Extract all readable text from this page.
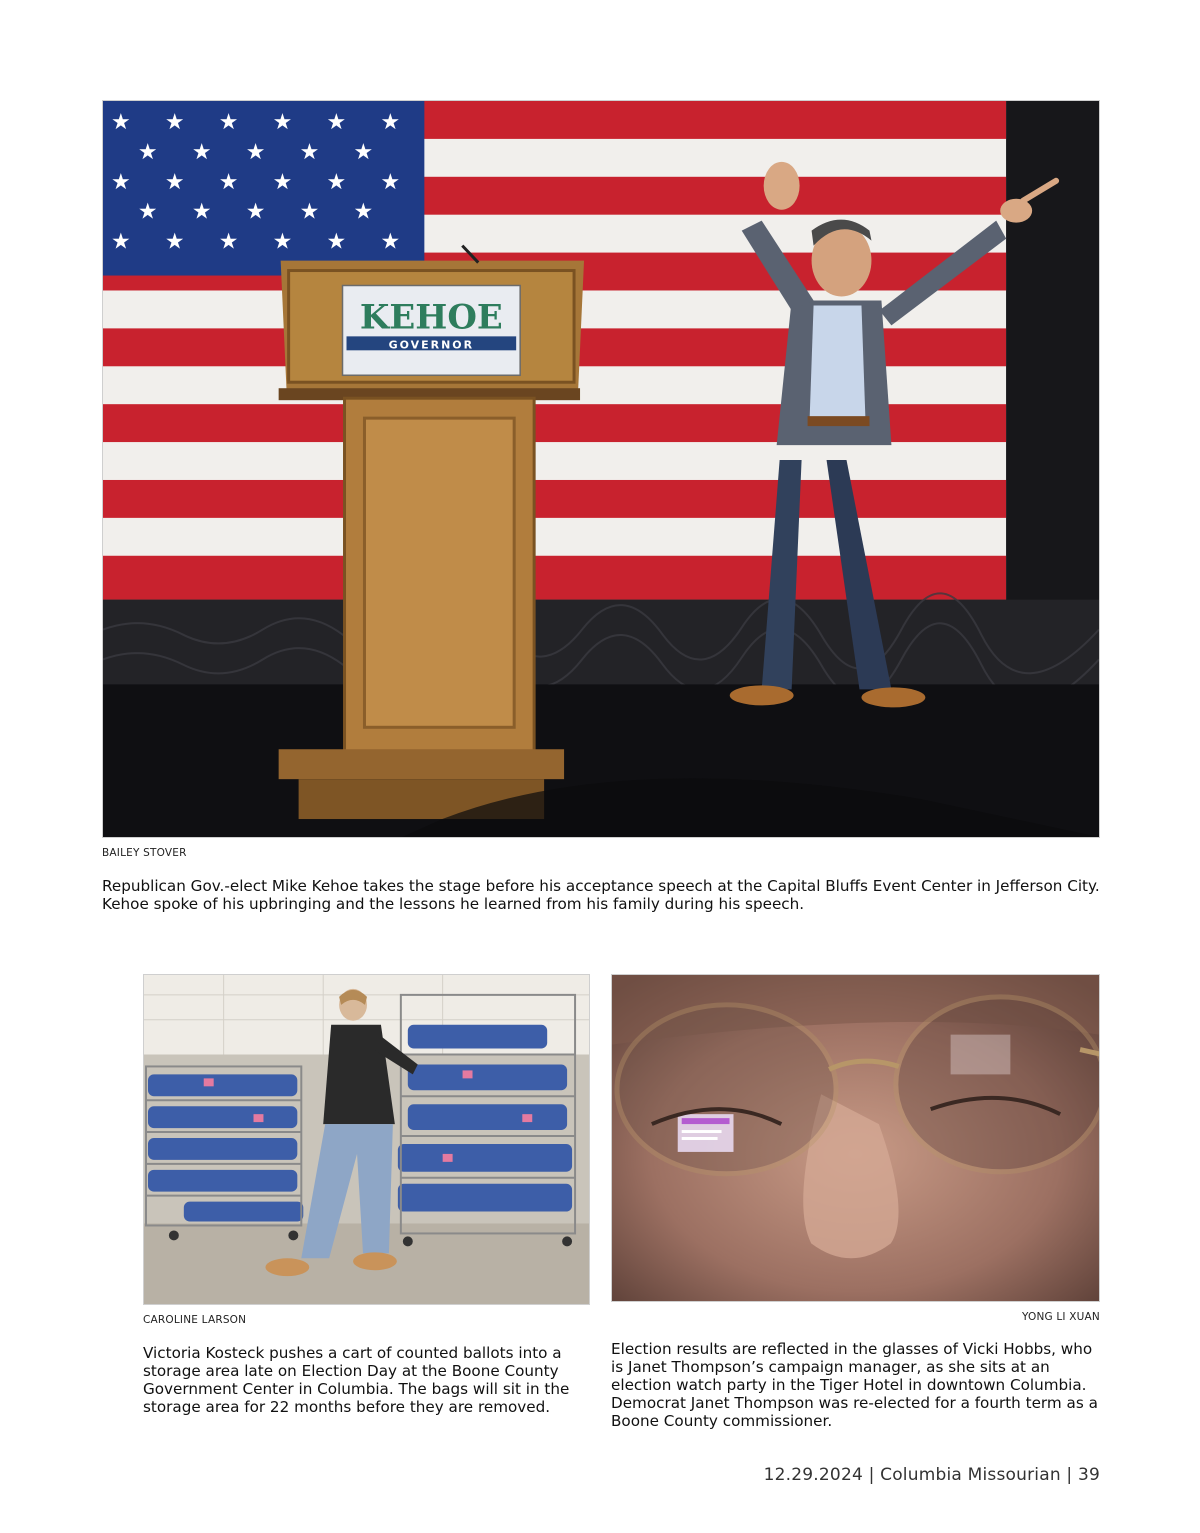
★ ★ ★ ★ ★ ★
★ ★ ★ ★ ★
★ ★ ★ ★ ★ ★
★ ★ ★ ★ ★
★ ★ ★ ★ ★ ★
KEHOE
GOVERNOR
BAILEY STOVER
Republican Gov.-elect Mike Kehoe takes the stage before his acceptance speech at the Capital Bluffs Event Center in Jefferson City. Kehoe spoke of his upbringing and the lessons he learned from his family during his speech.
CAROLINE LARSON
Victoria Kosteck pushes a cart of counted ballots into a storage area late on Election Day at the Boone County Government Center in Columbia. The bags will sit in the storage area for 22 months before they are removed.
YONG LI XUAN
Election results are reflected in the glasses of Vicki Hobbs, who is Janet Thompson’s campaign manager, as she sits at an election watch party in the Tiger Hotel in downtown Columbia. Democrat Janet Thompson was re-elected for a fourth term as a Boone County commissioner.
12.29.2024 | Columbia Missourian | 39
